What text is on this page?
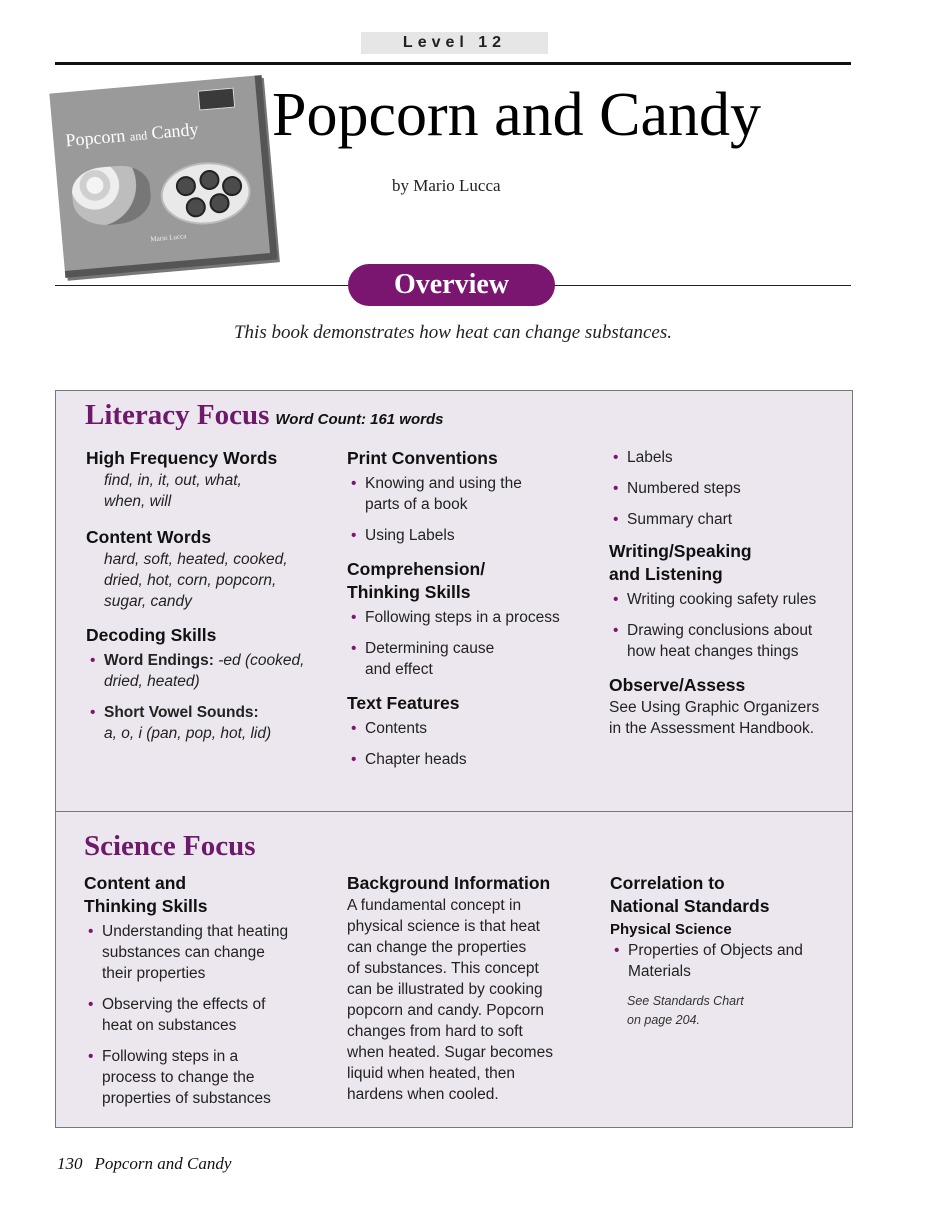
Level 12
Popcorn and Candy
Mario Lucca
Popcorn and Candy
by Mario Lucca
Overview
This book demonstrates how heat can change substances.
Literacy Focus Word Count: 161 words
High Frequency Words
find, in, it, out, what,
when, will
Content Words
hard, soft, heated, cooked,
dried, hot, corn, popcorn,
sugar, candy
Decoding Skills
• Word Endings: -ed (cooked,
dried, heated)
• Short Vowel Sounds:
a, o, i (pan, pop, hot, lid)
Print Conventions
• Knowing and using the
parts of a book
• Using Labels
Comprehension/
Thinking Skills
• Following steps in a process
• Determining cause
and effect
Text Features
• Contents
• Chapter heads
• Labels
• Numbered steps
• Summary chart
Writing/Speaking
and Listening
• Writing cooking safety rules
• Drawing conclusions about
how heat changes things
Observe/Assess
See Using Graphic Organizers
in the Assessment Handbook.
Science Focus
Content and
Thinking Skills
• Understanding that heating
substances can change
their properties
• Observing the effects of
heat on substances
• Following steps in a
process to change the
properties of substances
Background Information
A fundamental concept in
physical science is that heat
can change the properties
of substances. This concept
can be illustrated by cooking
popcorn and candy. Popcorn
changes from hard to soft
when heated. Sugar becomes
liquid when heated, then
hardens when cooled.
Correlation to
National Standards
Physical Science
• Properties of Objects and
Materials
See Standards Chart
on page 204.
130 Popcorn and Candy
